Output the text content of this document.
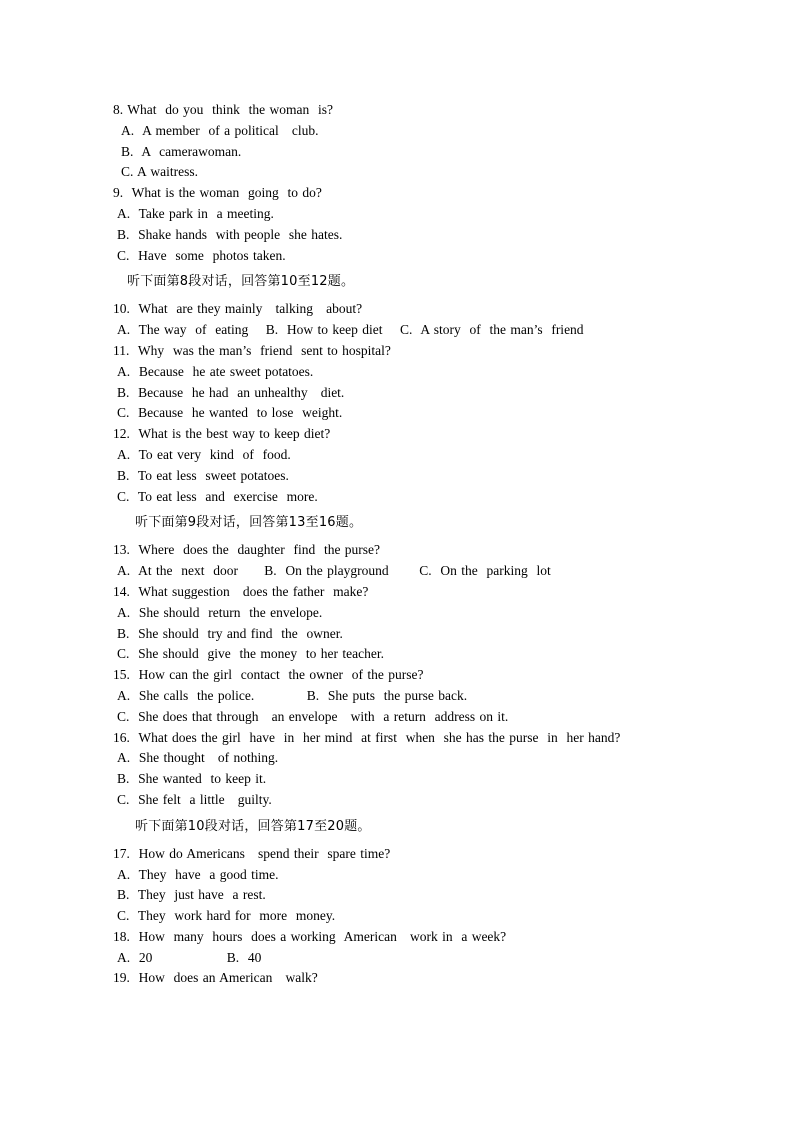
8. What  do you  think  the woman  is?
A.  A member  of a political   club.
B.  A  camerawoman.
C. A waitress.
9.  What is the woman  going  to do?
A.  Take park in  a meeting.
B.  Shake hands  with people  she hates.
C.  Have  some  photos taken.
听下面第8段对话，回答第10至12题。
10.  What  are they mainly   talking   about?
A.  The way  of  eating    B.  How to keep diet    C.  A story  of  the man’s  friend
11.  Why  was the man’s  friend  sent to hospital?
A.  Because  he ate sweet potatoes.
B.  Because  he had  an unhealthy   diet.
C.  Because  he wanted  to lose  weight.
12.  What is the best way to keep diet?
A.  To eat very  kind  of  food.
B.  To eat less  sweet potatoes.
C.  To eat less  and  exercise  more.
听下面第9段对话，回答第13至16题。
13.  Where  does the  daughter  find  the purse?
A.  At the  next  door      B.  On the playground       C.  On the  parking  lot
14.  What suggestion   does the father  make?
A.  She should  return  the envelope.
B.  She should  try and find  the  owner.
C.  She should  give  the money  to her teacher.
15.  How can the girl  contact  the owner  of the purse?
A.  She calls  the police.            B.  She puts  the purse back.
C.  She does that through   an envelope   with  a return  address on it.
16.  What does the girl  have  in  her mind  at first  when  she has the purse  in  her hand?
A.  She thought   of nothing.
B.  She wanted  to keep it.
C.  She felt  a little   guilty.
听下面第10段对话，回答第17至20题。
17.  How do Americans   spend their  spare time?
A.  They  have  a good time.
B.  They  just have  a rest.
C.  They  work hard for  more  money.
18.  How  many  hours  does a working  American   work in  a week?
A.  20                 B.  40
19.  How  does an American   walk?
